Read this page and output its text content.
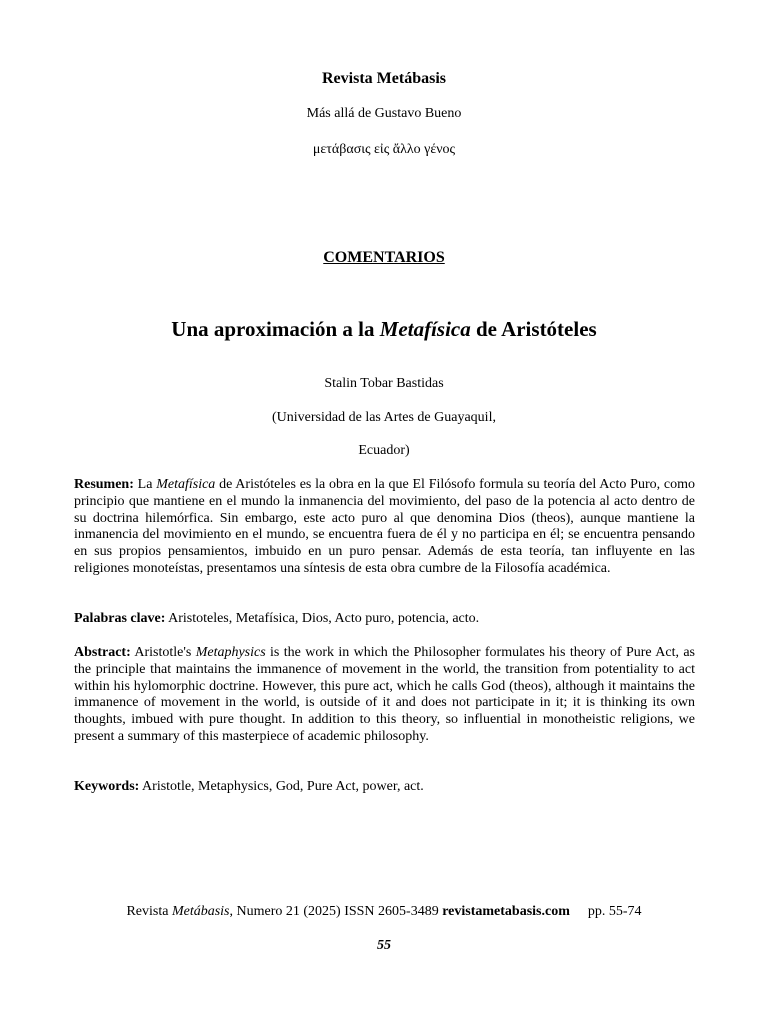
Revista Metábasis
Más allá de Gustavo Bueno
μετάβασις εἰς ἄλλο γένος
COMENTARIOS
Una aproximación a la Metafísica de Aristóteles
Stalin Tobar Bastidas
(Universidad de las Artes de Guayaquil,
Ecuador)
Resumen: La Metafísica de Aristóteles es la obra en la que El Filósofo formula su teoría del Acto Puro, como principio que mantiene en el mundo la inmanencia del movimiento, del paso de la potencia al acto dentro de su doctrina hilemórfica. Sin embargo, este acto puro al que denomina Dios (theos), aunque mantiene la inmanencia del movimiento en el mundo, se encuentra fuera de él y no participa en él; se encuentra pensando en sus propios pensamientos, imbuido en un puro pensar. Además de esta teoría, tan influyente en las religiones monoteístas, presentamos una síntesis de esta obra cumbre de la Filosofía académica.
Palabras clave: Aristoteles, Metafísica, Dios, Acto puro, potencia, acto.
Abstract: Aristotle's Metaphysics is the work in which the Philosopher formulates his theory of Pure Act, as the principle that maintains the immanence of movement in the world, the transition from potentiality to act within his hylomorphic doctrine. However, this pure act, which he calls God (theos), although it maintains the immanence of movement in the world, is outside of it and does not participate in it; it is thinking its own thoughts, imbued with pure thought. In addition to this theory, so influential in monotheistic religions, we present a summary of this masterpiece of academic philosophy.
Keywords: Aristotle, Metaphysics, God, Pure Act, power, act.
Revista Metábasis, Numero 21 (2025) ISSN 2605-3489 revistametabasis.com pp. 55-74
55
